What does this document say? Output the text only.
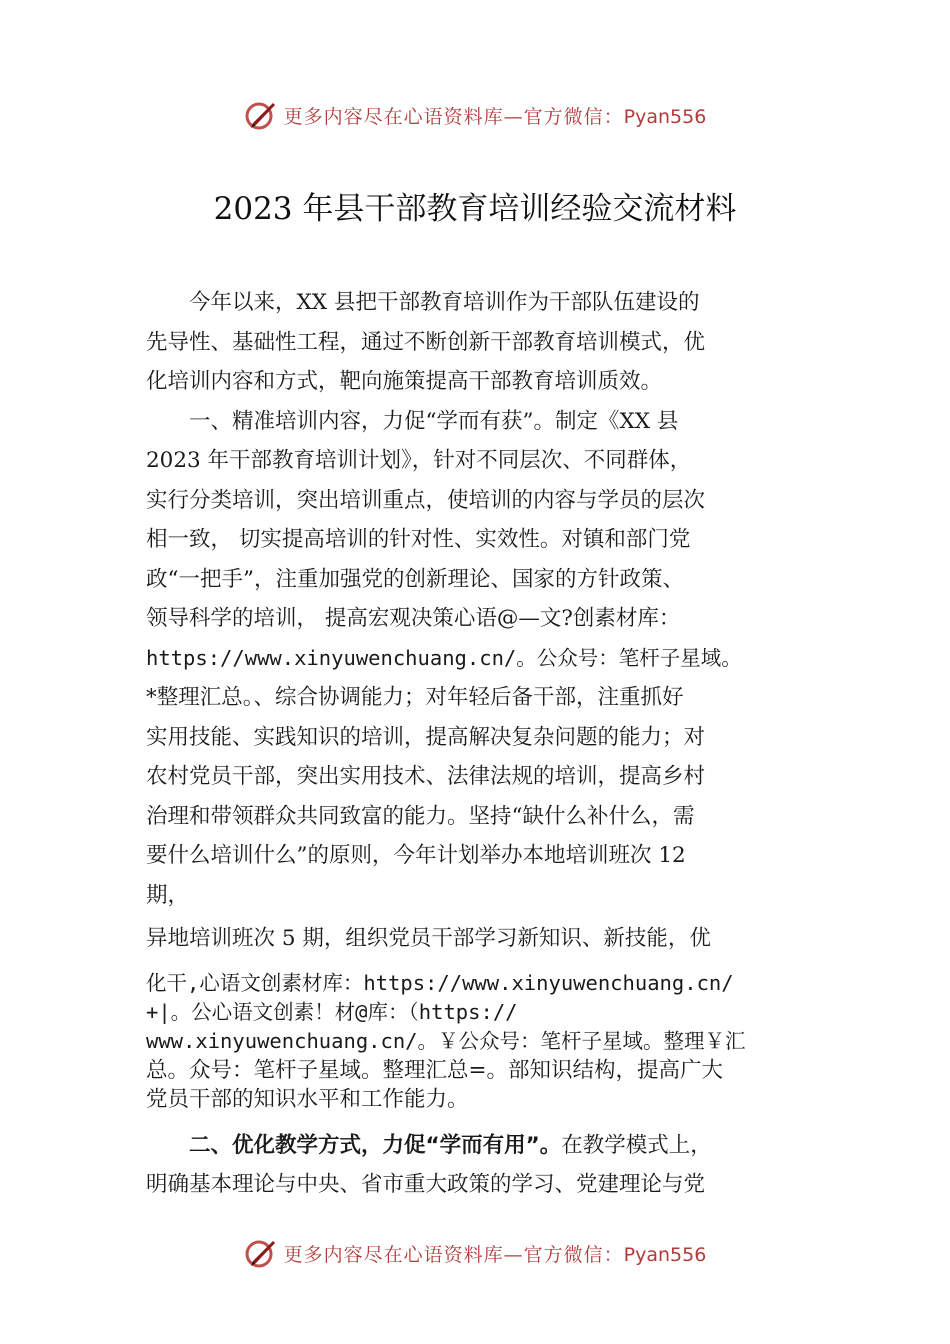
更多内容尽在心语资料库—官方微信：Pyan556
2023 年县干部教育培训经验交流材料

今年以来，XX 县把干部教育培训作为干部队伍建设的

先导性、基础性工程，通过不断创新干部教育培训模式，优

化培训内容和方式，靶向施策提高干部教育培训质效。

一、精准培训内容，力促“学而有获”。制定《XX 县

2023 年干部教育培训计划》，针对不同层次、不同群体，

实行分类培训，突出培训重点，使培训的内容与学员的层次

相一致， 切实提高培训的针对性、实效性。对镇和部门党

政“一把手”，注重加强党的创新理论、国家的方针政策、

领导科学的培训， 提高宏观决策心语@—文?创素材库：

https://www.xinyuwenchuang.cn/。公众号：笔杆子星域。

*整理汇总。、综合协调能力；对年轻后备干部，注重抓好

实用技能、实践知识的培训，提高解决复杂问题的能力；对

农村党员干部，突出实用技术、法律法规的培训，提高乡村

治理和带领群众共同致富的能力。坚持“缺什么补什么，需

要什么培训什么”的原则，今年计划举办本地培训班次 12

期，

异地培训班次 5 期，组织党员干部学习新知识、新技能，优

化干,心语文创素材库：https://www.xinyuwenchuang.cn/

+|。公心语文创素！材@库：（https://

www.xinyuwenchuang.cn/。￥公众号：笔杆子星域。整理￥汇

总。众号：笔杆子星域。整理汇总=。部知识结构，提高广大

党员干部的知识水平和工作能力。

二、优化教学方式，力促“学而有用”。在教学模式上，

明确基本理论与中央、省市重大政策的学习、党建理论与党

更多内容尽在心语资料库—官方微信：Pyan556
